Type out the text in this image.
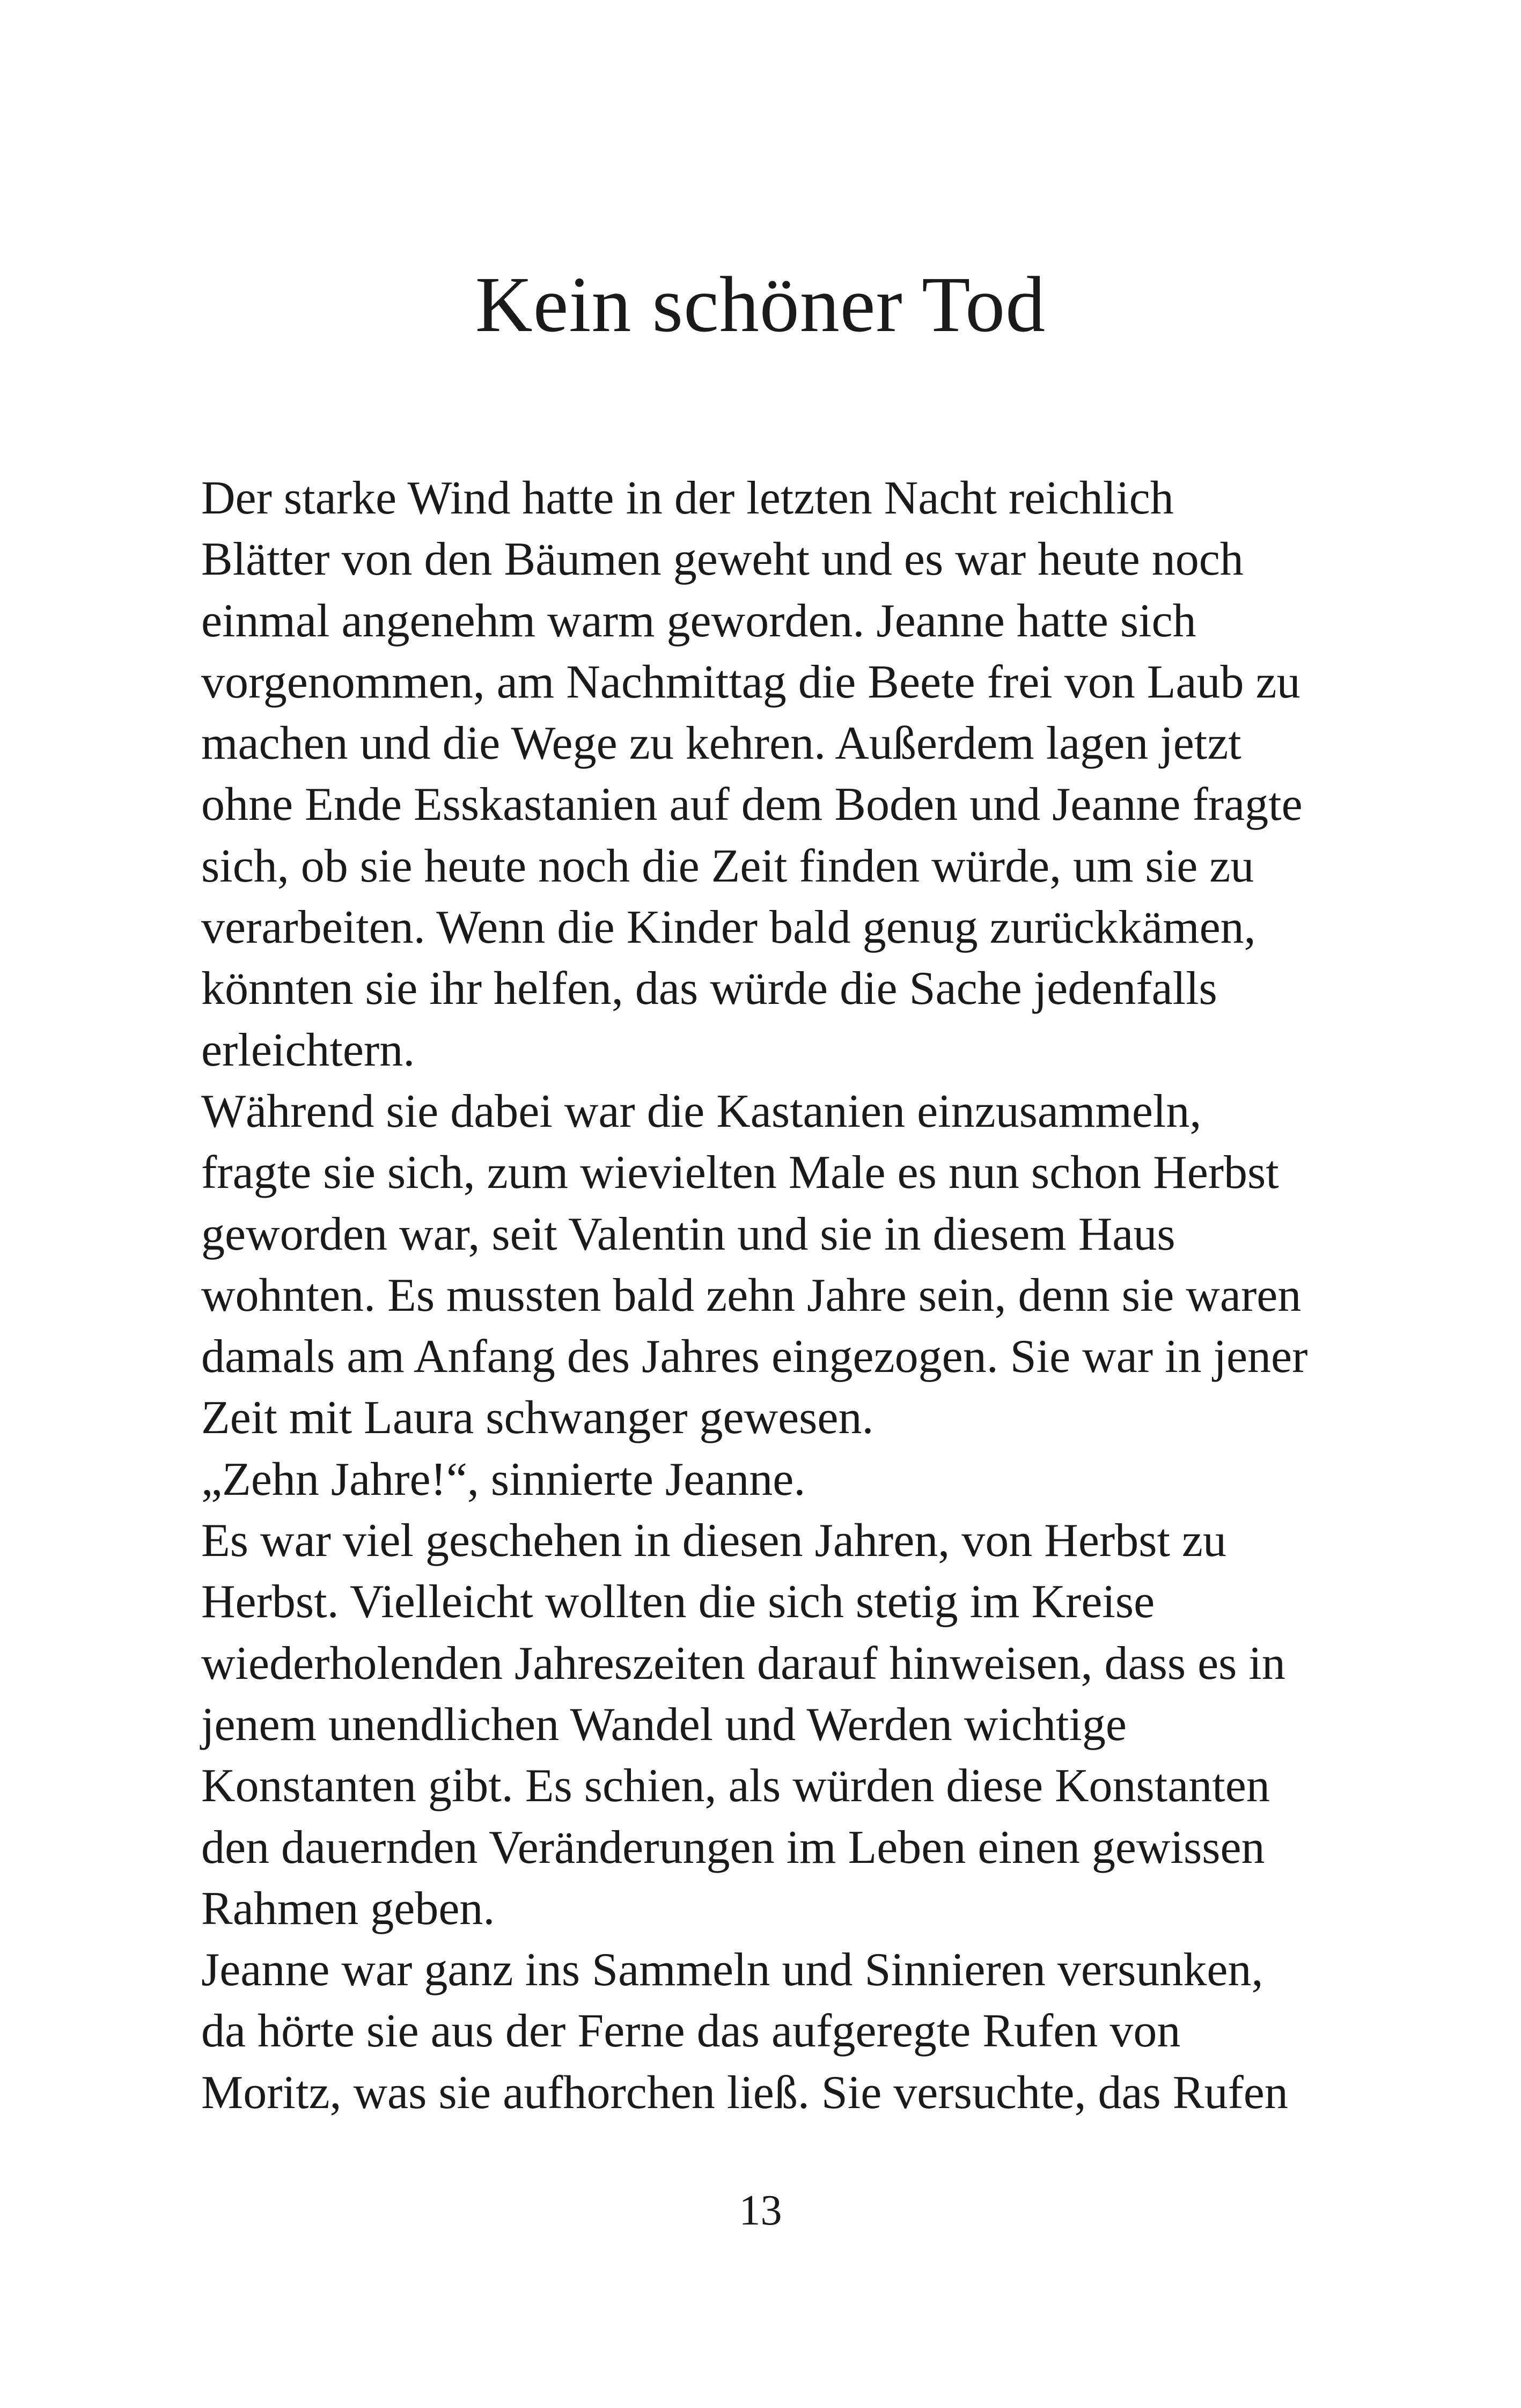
Kein schöner Tod
Der starke Wind hatte in der letzten Nacht reichlich
Blätter von den Bäumen geweht und es war heute noch
einmal angenehm warm geworden. Jeanne hatte sich
vorgenommen, am Nachmittag die Beete frei von Laub zu
machen und die Wege zu kehren. Außerdem lagen jetzt
ohne Ende Esskastanien auf dem Boden und Jeanne fragte
sich, ob sie heute noch die Zeit finden würde, um sie zu
verarbeiten. Wenn die Kinder bald genug zurückkämen,
könnten sie ihr helfen, das würde die Sache jedenfalls
erleichtern.
Während sie dabei war die Kastanien einzusammeln,
fragte sie sich, zum wievielten Male es nun schon Herbst
geworden war, seit Valentin und sie in diesem Haus
wohnten. Es mussten bald zehn Jahre sein, denn sie waren
damals am Anfang des Jahres eingezogen. Sie war in jener
Zeit mit Laura schwanger gewesen.
„Zehn Jahre!“, sinnierte Jeanne.
Es war viel geschehen in diesen Jahren, von Herbst zu
Herbst. Vielleicht wollten die sich stetig im Kreise
wiederholenden Jahreszeiten darauf hinweisen, dass es in
jenem unendlichen Wandel und Werden wichtige
Konstanten gibt. Es schien, als würden diese Konstanten
den dauernden Veränderungen im Leben einen gewissen
Rahmen geben.
Jeanne war ganz ins Sammeln und Sinnieren versunken,
da hörte sie aus der Ferne das aufgeregte Rufen von
Moritz, was sie aufhorchen ließ. Sie versuchte, das Rufen
13
